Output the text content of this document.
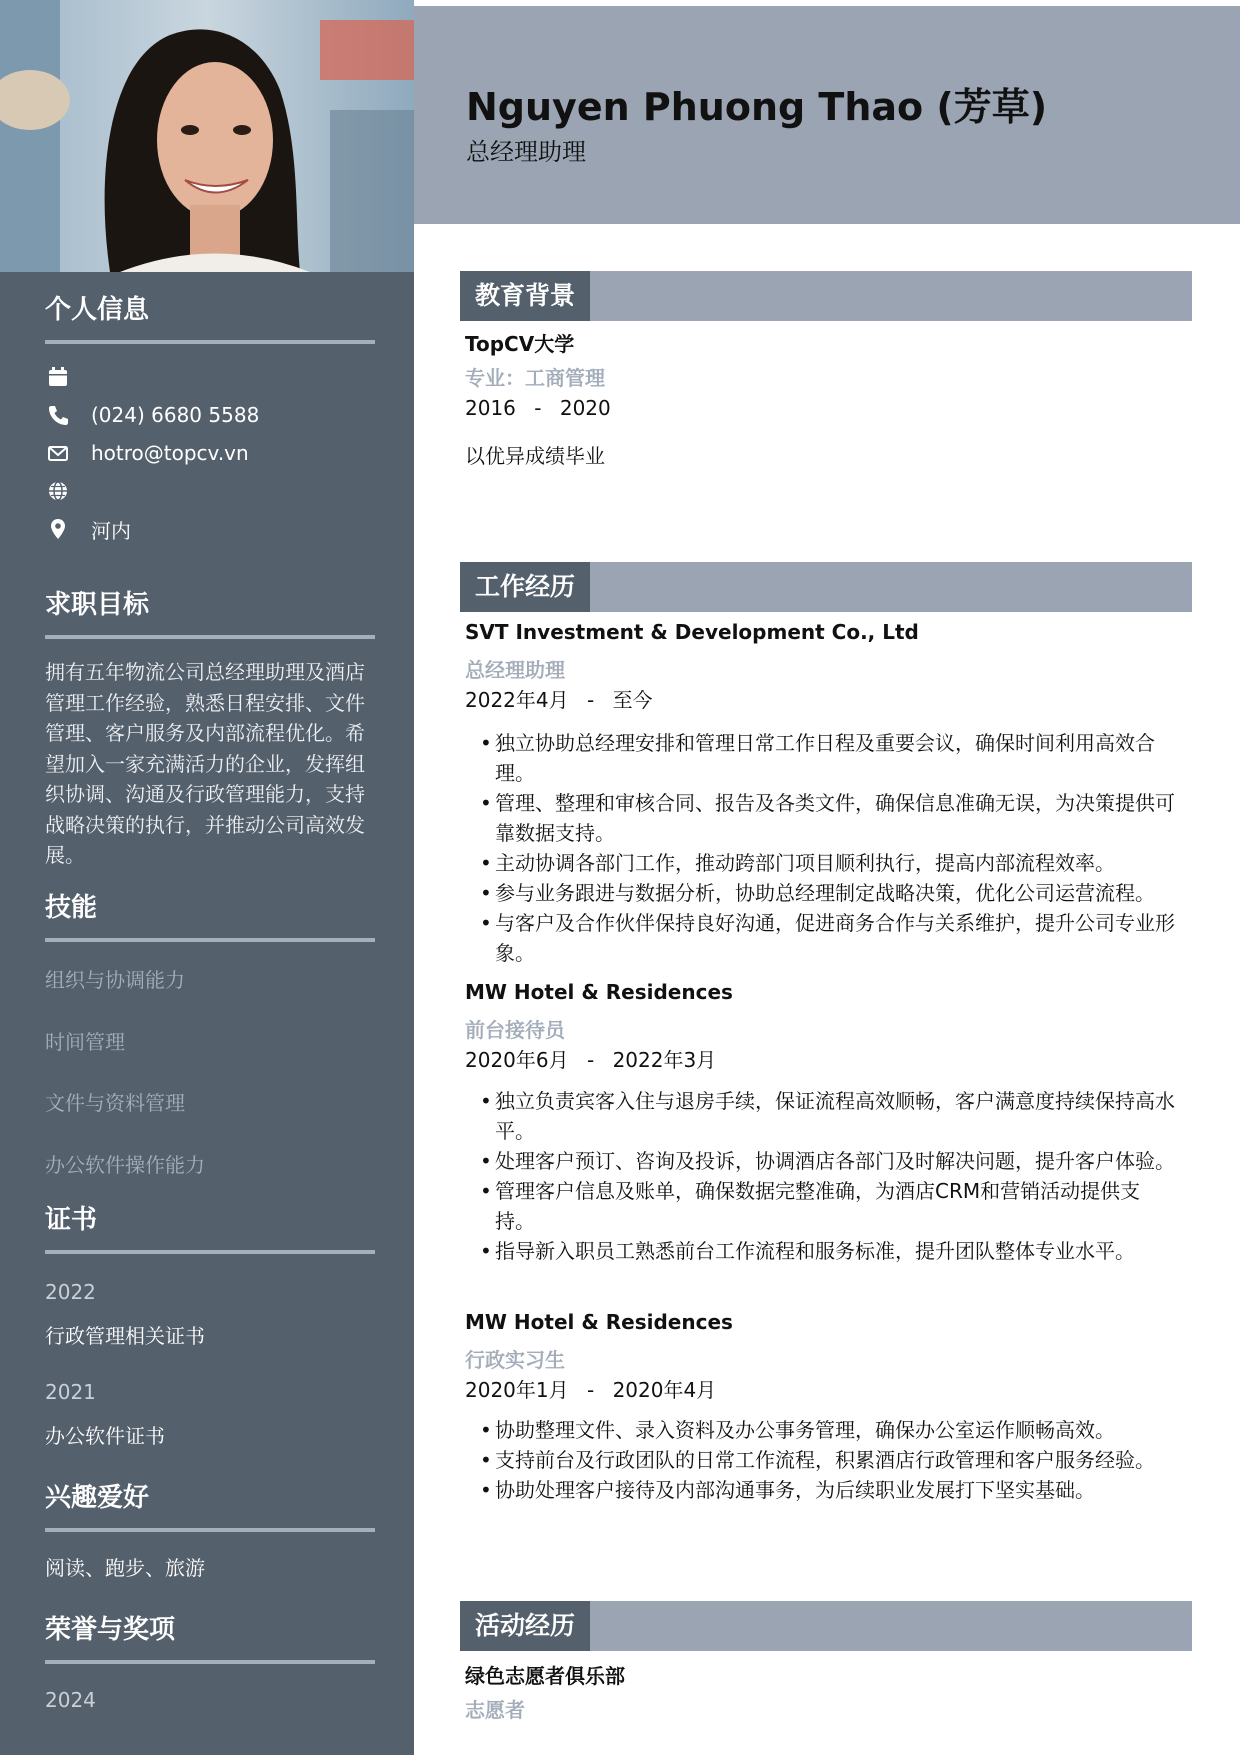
个人信息
(024) 6680 5588
hotro@topcv.vn
河内
求职目标
拥有五年物流公司总经理助理及酒店管理工作经验，熟悉日程安排、文件管理、客户服务及内部流程优化。希望加入一家充满活力的企业，发挥组织协调、沟通及行政管理能力，支持战略决策的执行，并推动公司高效发展。
技能
组织与协调能力
时间管理
文件与资料管理
办公软件操作能力
证书
2022
行政管理相关证书
2021
办公软件证书
兴趣爱好
阅读、跑步、旅游
荣誉与奖项
2024
Nguyen Phuong Thao (芳草)
总经理助理
教育背景
TopCV大学
专业：工商管理
2016 - 2020
以优异成绩毕业
工作经历
SVT Investment & Development Co., Ltd
总经理助理
2022年4月 - 至今
• 独立协助总经理安排和管理日常工作日程及重要会议，确保时间利用高效合理。
• 管理、整理和审核合同、报告及各类文件，确保信息准确无误，为决策提供可靠数据支持。
• 主动协调各部门工作，推动跨部门项目顺利执行，提高内部流程效率。
• 参与业务跟进与数据分析，协助总经理制定战略决策，优化公司运营流程。
• 与客户及合作伙伴保持良好沟通，促进商务合作与关系维护，提升公司专业形象。
MW Hotel & Residences
前台接待员
2020年6月 - 2022年3月
• 独立负责宾客入住与退房手续，保证流程高效顺畅，客户满意度持续保持高水平。
• 处理客户预订、咨询及投诉，协调酒店各部门及时解决问题，提升客户体验。
• 管理客户信息及账单，确保数据完整准确，为酒店CRM和营销活动提供支持。
• 指导新入职员工熟悉前台工作流程和服务标准，提升团队整体专业水平。
MW Hotel & Residences
行政实习生
2020年1月 - 2020年4月
• 协助整理文件、录入资料及办公事务管理，确保办公室运作顺畅高效。
• 支持前台及行政团队的日常工作流程，积累酒店行政管理和客户服务经验。
• 协助处理客户接待及内部沟通事务，为后续职业发展打下坚实基础。
活动经历
绿色志愿者俱乐部
志愿者
